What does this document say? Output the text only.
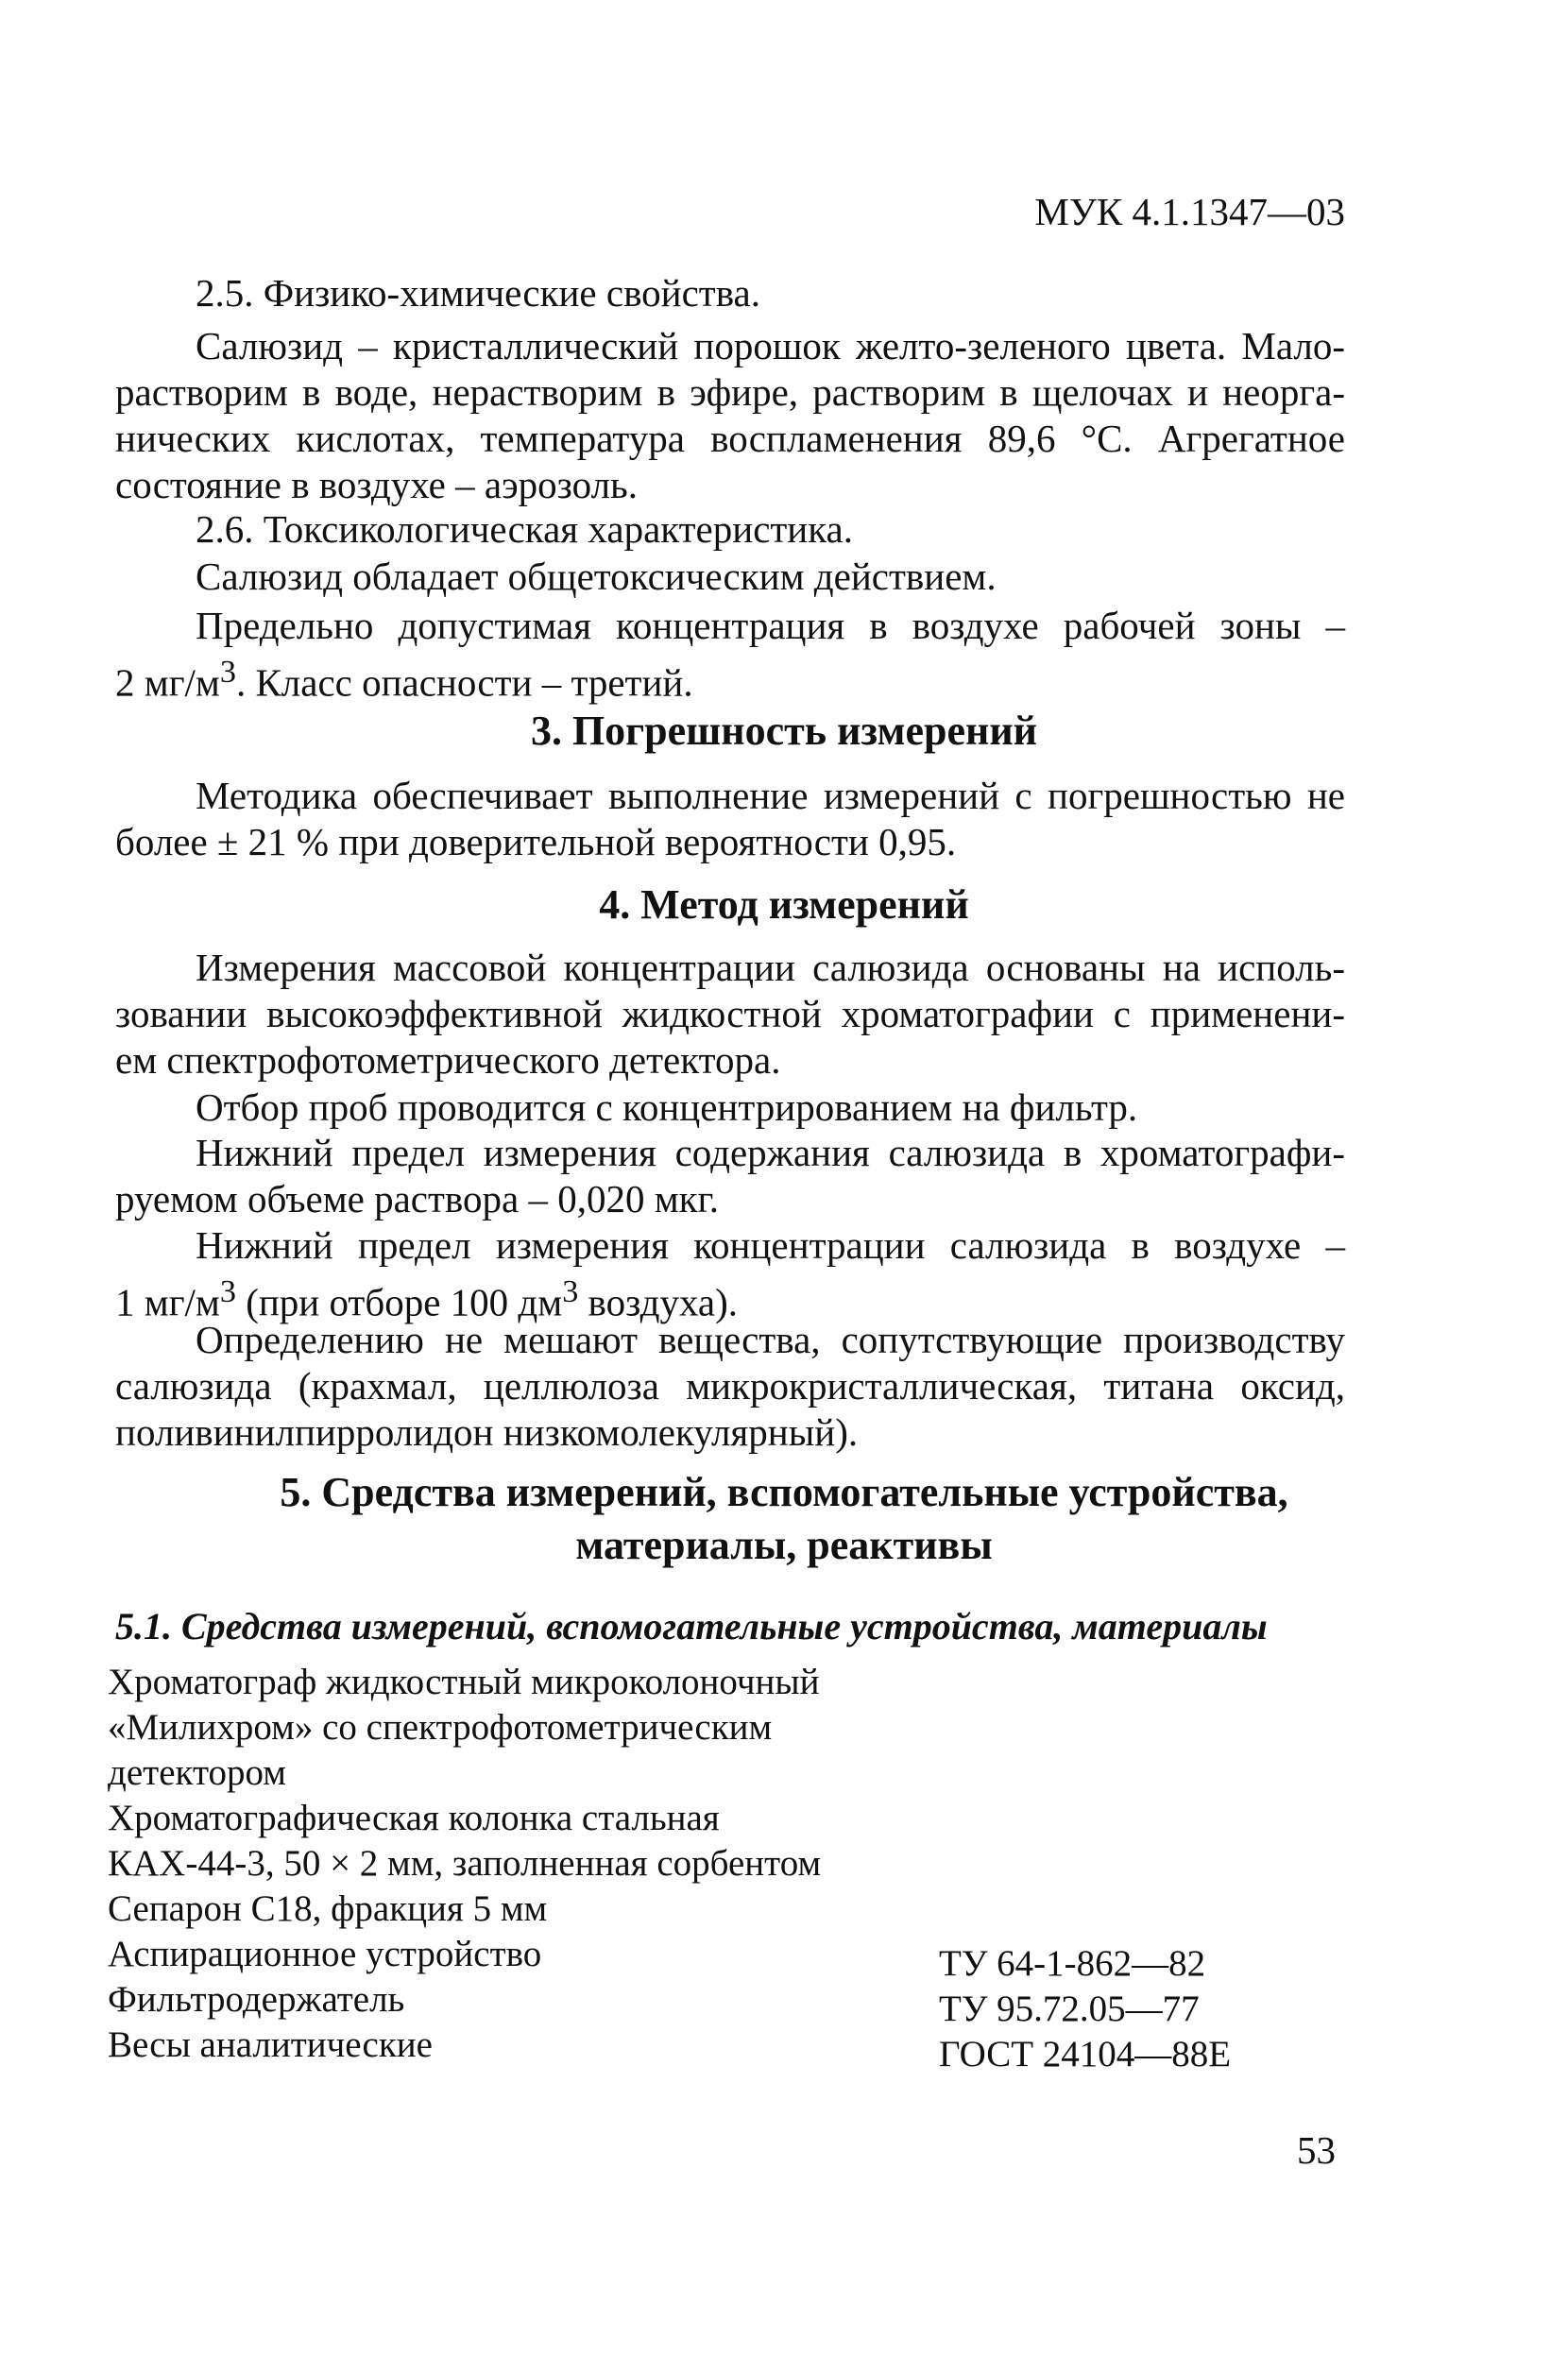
МУК 4.1.1347—03
2.5. Физико-химические свойства.
Салюзид – кристаллический порошок желто-зеленого цвета. Мало-
растворим в воде, нерастворим в эфире, растворим в щелочах и неорга-
нических кислотах, температура воспламенения 89,6 °C. Агрегатное
состояние в воздухе – аэрозоль.
2.6. Токсикологическая характеристика.
Салюзид обладает общетоксическим действием.
Предельно допустимая концентрация в воздухе рабочей зоны –
2 $мг/м^3$. Класс опасности – третий.
3. Погрешность измерений
Методика обеспечивает выполнение измерений с погрешностью не
более ± 21 % при доверительной вероятности 0,95.
4. Метод измерений
Измерения массовой концентрации салюзида основаны на исполь-
зовании высокоэффективной жидкостной хроматографии с применени-
ем спектрофотометрического детектора.
Отбор проб проводится с концентрированием на фильтр.
Нижний предел измерения содержания салюзида в хроматографи-
руемом объеме раствора – 0,020 мкг.
Нижний предел измерения концентрации салюзида в воздухе –
1 $мг/м^3$ (при отборе 100 $дм^3$ воздуха).
Определению не мешают вещества, сопутствующие производству
салюзида (крахмал, целлюлоза микрокристаллическая, титана оксид,
поливинилпирролидон низкомолекулярный).
5. Средства измерений, вспомогательные устройства,
материалы, реактивы
5.1. Средства измерений, вспомогательные устройства, материалы
Хроматограф жидкостный микроколоночный
«Милихром» со спектрофотометрическим
детектором
Хроматографическая колонка стальная
КАХ-44-3, 50 × 2 мм, заполненная сорбентом
Сепарон С18, фракция 5 мм
Аспирационное устройство	ТУ 64-1-862—82
Фильтродержатель	ТУ 95.72.05—77
Весы аналитические	ГОСТ 24104—88Е
53
